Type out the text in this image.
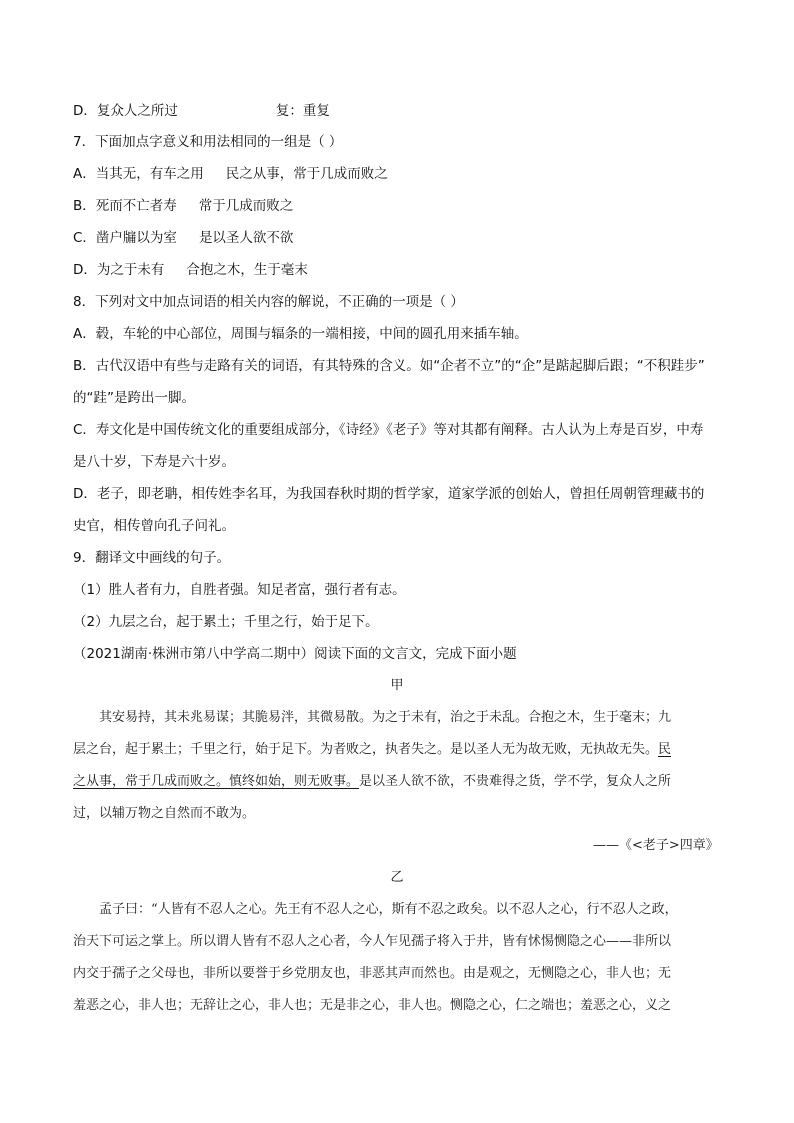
D．复众人之所过	复：重复
7．下面加点字意义和用法相同的一组是（ ）
A．当其无，有车之用 民之从事，常于几成而败之
B．死而不亡者寿 常于几成而败之
C．凿户牖以为室 是以圣人欲不欲
D．为之于未有 合抱之木，生于毫末
8．下列对文中加点词语的相关内容的解说，不正确的一项是（ ）
A．毂，车轮的中心部位，周围与辐条的一端相接，中间的圆孔用来插车轴。
B．古代汉语中有些与走路有关的词语，有其特殊的含义。如“企者不立”的“企”是踮起脚后跟；“不积跬步”
的“跬”是跨出一脚。
C．寿文化是中国传统文化的重要组成部分，《诗经》《老子》等对其都有阐释。古人认为上寿是百岁，中寿
是八十岁，下寿是六十岁。
D．老子，即老聃，相传姓李名耳，为我国春秋时期的哲学家，道家学派的创始人，曾担任周朝管理藏书的
史官，相传曾向孔子问礼。
9．翻译文中画线的句子。
（1）胜人者有力，自胜者强。知足者富，强行者有志。
（2）九层之台，起于累土；千里之行，始于足下。
（2021湖南·株洲市第八中学高二期中）阅读下面的文言文，完成下面小题
甲
其安易持，其未兆易谋；其脆易泮，其微易散。为之于未有，治之于未乱。合抱之木，生于毫末；九
层之台，起于累土；千里之行，始于足下。为者败之，执者失之。是以圣人无为故无败，无执故无失。民
之从事，常于几成而败之。慎终如始，则无败事。是以圣人欲不欲，不贵难得之货，学不学，复众人之所
过，以辅万物之自然而不敢为。
——《<老子>四章》
乙
孟子曰：“人皆有不忍人之心。先王有不忍人之心，斯有不忍之政矣。以不忍人之心，行不忍人之政，
治天下可运之掌上。所以谓人皆有不忍人之心者，今人乍见孺子将入于井，皆有怵惕恻隐之心——非所以
内交于孺子之父母也，非所以要誉于乡党朋友也，非恶其声而然也。由是观之，无恻隐之心，非人也；无
羞恶之心，非人也；无辞让之心，非人也；无是非之心，非人也。恻隐之心，仁之端也；羞恶之心，义之
